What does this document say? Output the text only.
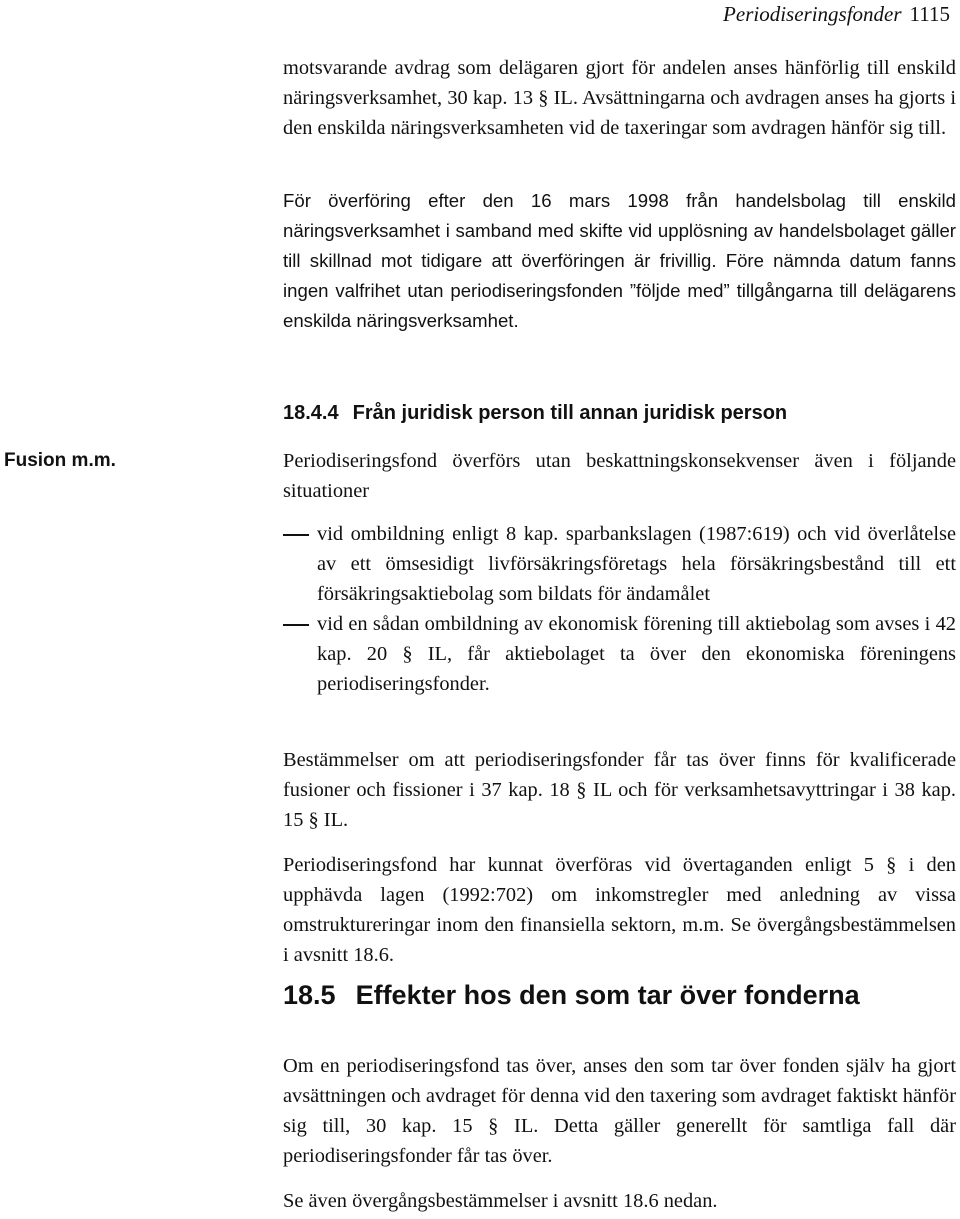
Periodiseringsfonder 1115

motsvarande avdrag som delägaren gjort för andelen anses hänförlig till enskild näringsverksamhet, 30 kap. 13 § IL. Avsättningarna och avdragen anses ha gjorts i den enskilda näringsverksamheten vid de taxeringar som avdragen hänför sig till.

För överföring efter den 16 mars 1998 från handelsbolag till enskild näringsverksamhet i samband med skifte vid upplösning av handelsbolaget gäller till skillnad mot tidigare att överföringen är frivillig. Före nämnda datum fanns ingen valfrihet utan periodiseringsfonden ”följde med” tillgångarna till delägarens enskilda näringsverksamhet.

18.4.4 Från juridisk person till annan juridisk person
Fusion m.m.	Periodiseringsfond överförs utan beskattningskonsekvenser även i följande situationer

vid ombildning enligt 8 kap. sparbankslagen (1987:619) och vid överlåtelse av ett ömsesidigt livförsäkringsföretags hela försäkringsbestånd till ett försäkringsaktiebolag som bildats för ändamålet
vid en sådan ombildning av ekonomisk förening till aktiebolag som avses i 42 kap. 20 § IL, får aktiebolaget ta över den ekonomiska föreningens periodiseringsfonder.

Bestämmelser om att periodiseringsfonder får tas över finns för kvalificerade fusioner och fissioner i 37 kap. 18 § IL och för verksamhetsavyttringar i 38 kap. 15 § IL.

Periodiseringsfond har kunnat överföras vid övertaganden enligt 5 § i den upphävda lagen (1992:702) om inkomstregler med anledning av vissa omstruktureringar inom den finansiella sektorn, m.m. Se övergångsbestämmelsen i avsnitt 18.6.

18.5 Effekter hos den som tar över fonderna

Om en periodiseringsfond tas över, anses den som tar över fonden själv ha gjort avsättningen och avdraget för denna vid den taxering som avdraget faktiskt hänför sig till, 30 kap. 15 § IL. Detta gäller generellt för samtliga fall där periodiseringsfonder får tas över.

Se även övergångsbestämmelser i avsnitt 18.6 nedan.
